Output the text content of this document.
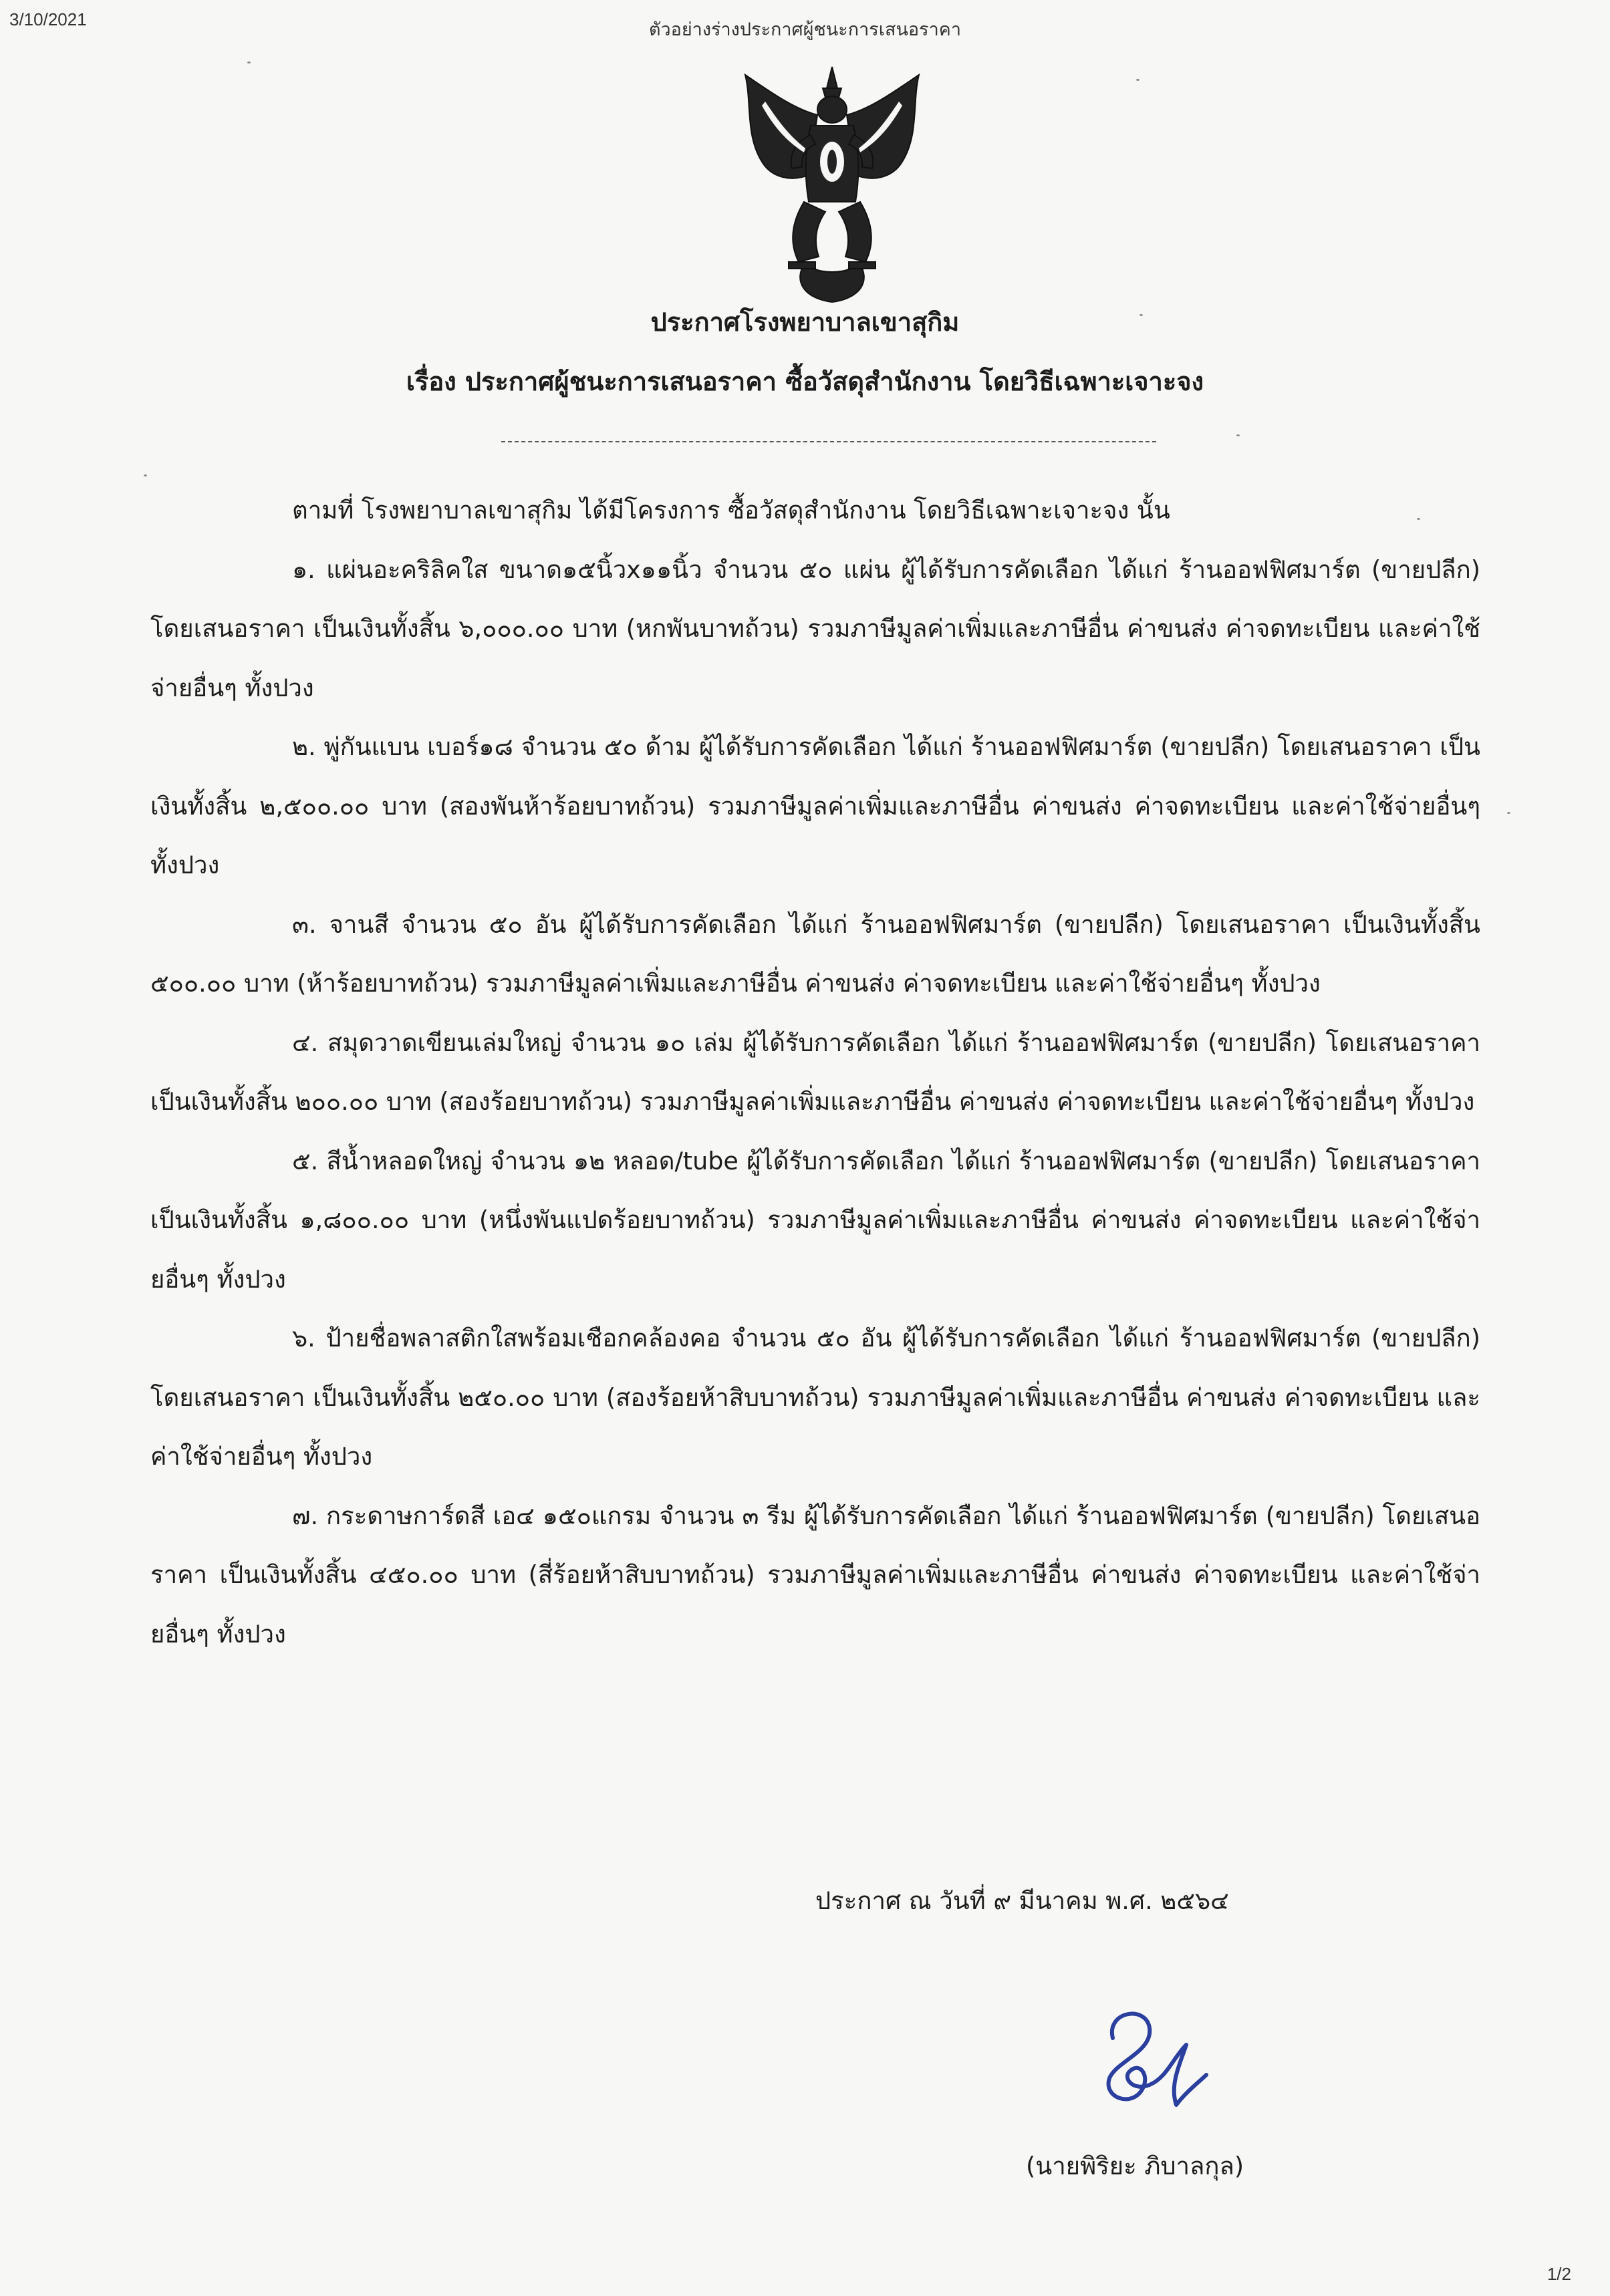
3/10/2021	ตัวอย่างร่างประกาศผู้ชนะการเสนอราคา
ประกาศโรงพยาบาลเขาสุกิม
เรื่อง ประกาศผู้ชนะการเสนอราคา ซื้อวัสดุสำนักงาน โดยวิธีเฉพาะเจาะจง

ตามที่ โรงพยาบาลเขาสุกิม ได้มีโครงการ ซื้อวัสดุสำนักงาน โดยวิธีเฉพาะเจาะจง นั้น

๑. แผ่นอะคริลิคใส ขนาด๑๕นิ้วx๑๑นิ้ว จำนวน ๕๐ แผ่น ผู้ได้รับการคัดเลือก ได้แก่ ร้านออฟฟิศมาร์ต (ขายปลีก) โดยเสนอราคา เป็นเงินทั้งสิ้น ๖,๐๐๐.๐๐ บาท (หกพันบาทถ้วน) รวมภาษีมูลค่าเพิ่มและภาษีอื่น ค่าขนส่ง ค่าจดทะเบียน และค่าใช้จ่ายอื่นๆ ทั้งปวง

๒. พู่กันแบน เบอร์๑๘ จำนวน ๕๐ ด้าม ผู้ได้รับการคัดเลือก ได้แก่ ร้านออฟฟิศมาร์ต (ขายปลีก) โดยเสนอราคา เป็นเงินทั้งสิ้น ๒,๕๐๐.๐๐ บาท (สองพันห้าร้อยบาทถ้วน) รวมภาษีมูลค่าเพิ่มและภาษีอื่น ค่าขนส่ง ค่าจดทะเบียน และค่าใช้จ่ายอื่นๆ ทั้งปวง

๓. จานสี จำนวน ๕๐ อัน ผู้ได้รับการคัดเลือก ได้แก่ ร้านออฟฟิศมาร์ต (ขายปลีก) โดยเสนอราคา เป็นเงินทั้งสิ้น ๕๐๐.๐๐ บาท (ห้าร้อยบาทถ้วน) รวมภาษีมูลค่าเพิ่มและภาษีอื่น ค่าขนส่ง ค่าจดทะเบียน และค่าใช้จ่ายอื่นๆ ทั้งปวง

๔. สมุดวาดเขียนเล่มใหญ่ จำนวน ๑๐ เล่ม ผู้ได้รับการคัดเลือก ได้แก่ ร้านออฟฟิศมาร์ต (ขายปลีก) โดยเสนอราคา เป็นเงินทั้งสิ้น ๒๐๐.๐๐ บาท (สองร้อยบาทถ้วน) รวมภาษีมูลค่าเพิ่มและภาษีอื่น ค่าขนส่ง ค่าจดทะเบียน และค่าใช้จ่ายอื่นๆ ทั้งปวง

๕. สีน้ำหลอดใหญ่ จำนวน ๑๒ หลอด/tube ผู้ได้รับการคัดเลือก ได้แก่ ร้านออฟฟิศมาร์ต (ขายปลีก) โดยเสนอราคา เป็นเงินทั้งสิ้น ๑,๘๐๐.๐๐ บาท (หนึ่งพันแปดร้อยบาทถ้วน) รวมภาษีมูลค่าเพิ่มและภาษีอื่น ค่าขนส่ง ค่าจดทะเบียน และค่าใช้จ่ายอื่นๆ ทั้งปวง

๖. ป้ายชื่อพลาสติกใสพร้อมเชือกคล้องคอ จำนวน ๕๐ อัน ผู้ได้รับการคัดเลือก ได้แก่ ร้านออฟฟิศมาร์ต (ขายปลีก) โดยเสนอราคา เป็นเงินทั้งสิ้น ๒๕๐.๐๐ บาท (สองร้อยห้าสิบบาทถ้วน) รวมภาษีมูลค่าเพิ่มและภาษีอื่น ค่าขนส่ง ค่าจดทะเบียน และค่าใช้จ่ายอื่นๆ ทั้งปวง

๗. กระดาษการ์ดสี เอ๔ ๑๕๐แกรม จำนวน ๓ รีม ผู้ได้รับการคัดเลือก ได้แก่ ร้านออฟฟิศมาร์ต (ขายปลีก) โดยเสนอราคา เป็นเงินทั้งสิ้น ๔๕๐.๐๐ บาท (สี่ร้อยห้าสิบบาทถ้วน) รวมภาษีมูลค่าเพิ่มและภาษีอื่น ค่าขนส่ง ค่าจดทะเบียน และค่าใช้จ่ายอื่นๆ ทั้งปวง

ประกาศ ณ วันที่ ๙ มีนาคม พ.ศ. ๒๕๖๔
(นายพิริยะ ภิบาลกุล)
1/2
